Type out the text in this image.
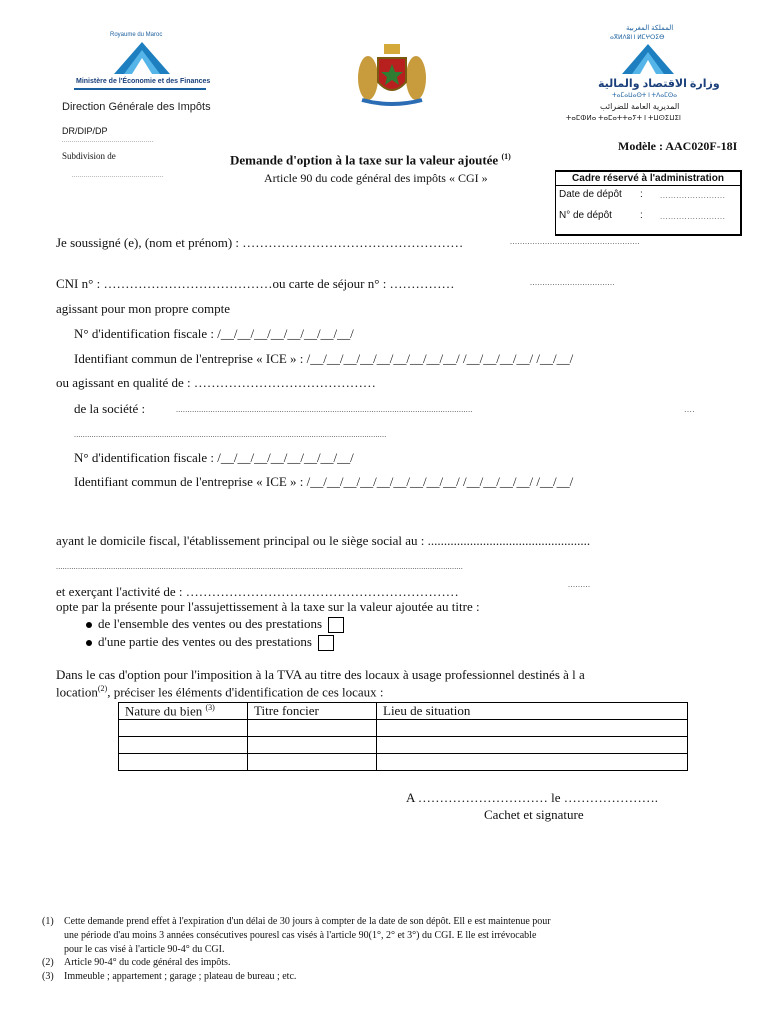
Royaume du Maroc
Ministère de l'Économie et des Finances
Direction Générale des Impôts
DR/DIP/DP
..............................................
Subdivision de
..............................................
المملكة المغربية
ⴰⴳⵍⴷⵓⵏ ⵏ ⵍⵎⵖⵔⵉⴱ
وزارة الاقتصاد والمالية
ⵜⴰⵎⴰⵡⴰⵙⵜ ⵏ ⵜⴷⴰⵎⵙⴰ
المديرية العامة للضرائب
ⵜⴰⵎⵀⵍⴰ ⵜⴰⵎⴰⵜⵜⴰⵢⵜ ⵏ ⵜⵡⵙⵉⵡⵉⵏ
Modèle : AAC020F-18I
Demande d'option à la taxe sur la valeur ajoutée $^{(1)}$
Article 90 du code général des impôts « CGI »	Cadre réservé à l'administration
Date de dépôt : ........................
N° de dépôt	: ........................
Je soussigné (e), (nom et prénom) : ……………………………………………	....................................................
CNI n° : …………………………………ou carte de séjour n° : ……………	..................................
agissant pour mon propre compte
N° d'identification fiscale : /__/__/__/__/__/__/__/__/
Identifiant commun de l'entreprise « ICE » : /__/__/__/__/__/__/__/__/__/ /__/__/__/__/ /__/__/
ou agissant en qualité de : ……………………………………
de la société :	.................................................................................................................................	….
..............................................................................................................................................
N° d'identification fiscale : /__/__/__/__/__/__/__/__/
Identifiant commun de l'entreprise « ICE » : /__/__/__/__/__/__/__/__/__/ /__/__/__/__/ /__/__/
ayant le domicile fiscal, l'établissement principal ou le siège social au : ..................................................
.........................................................................................................................................................................................
et exerçant l'activité de : ………………………………………………………	.........
opte par la présente pour l'assujettissement à la taxe sur la valeur ajoutée au titre :
de l'ensemble des ventes ou des prestations
d'une partie des ventes ou des prestations
Dans le cas d'option pour l'imposition à la TVA au titre des locaux à usage professionnel destinés à l a
location$^{(2)}$, préciser les éléments d'identification de ces locaux :
Nature du bien $^{(3)}$	Titre foncier	Lieu de situation

A ………………………… le ………………….
Cachet et signature
(1) Cette demande prend effet à l'expiration d'un délai de 30 jours à compter de la date de son dépôt. Ell e est maintenue pour
une période d'au moins 3 années consécutives pouresl cas visés à l'article 90(1°, 2° et 3°) du CGI. E lle est irrévocable
pour le cas visé à l'article 90-4° du CGI.
(2) Article 90-4° du code général des impôts.
(3) Immeuble ; appartement ; garage ; plateau de bureau ; etc.
